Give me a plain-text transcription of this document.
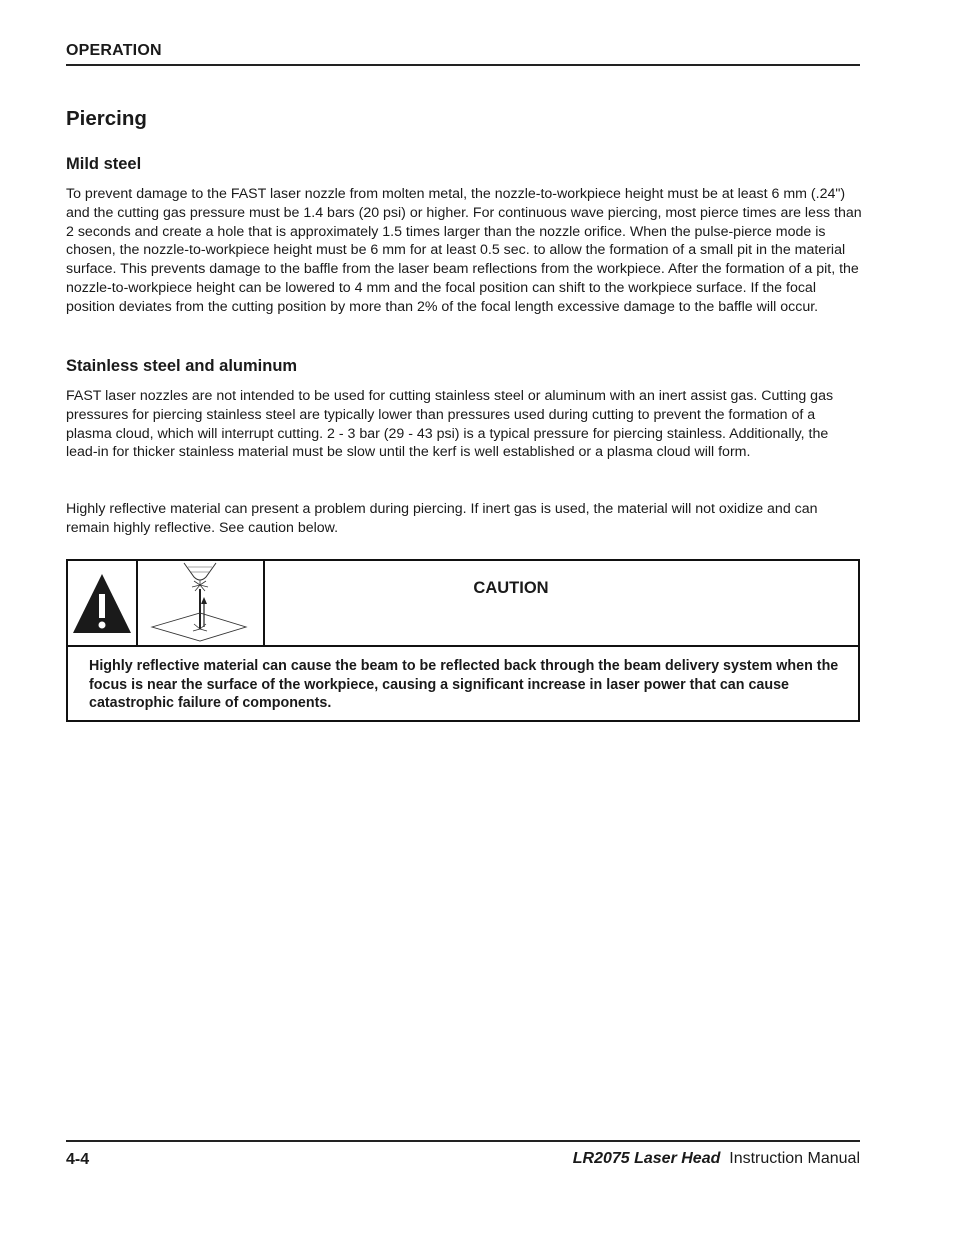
OPERATION
Piercing
Mild steel

To prevent damage to the FAST laser nozzle from molten metal, the nozzle-to-workpiece height must be at least 6 mm (.24") and the cutting gas pressure must be 1.4 bars (20 psi) or higher. For continuous wave piercing, most pierce times are less than 2 seconds and create a hole that is approximately 1.5 times larger than the nozzle orifice. When the pulse-pierce mode is chosen, the nozzle-to-workpiece height must be 6 mm for at least 0.5 sec. to allow the formation of a small pit in the material surface. This prevents damage to the baffle from the laser beam reflections from the workpiece. After the formation of a pit, the nozzle-to-workpiece height can be lowered to 4 mm and the focal position can shift to the workpiece surface. If the focal position deviates from the cutting position by more than 2% of the focal length excessive damage to the baffle will occur.

Stainless steel and aluminum

FAST laser nozzles are not intended to be used for cutting stainless steel or aluminum with an inert assist gas. Cutting gas pressures for piercing stainless steel are typically lower than pressures used during cutting to prevent the formation of a plasma cloud, which will interrupt cutting. 2 - 3 bar (29 - 43 psi) is a typical pressure for piercing stainless. Additionally, the lead-in for thicker stainless material must be slow until the kerf is well established or a plasma cloud will form.

Highly reflective material can present a problem during piercing. If inert gas is used, the material will not oxidize and can remain highly reflective. See caution below.

CAUTION

Highly reflective material can cause the beam to be reflected back through the beam delivery system when the focus is near the surface of the workpiece, causing a significant increase in laser power that can cause catastrophic failure of components.

4-4	LR2075 Laser Head Instruction Manual
